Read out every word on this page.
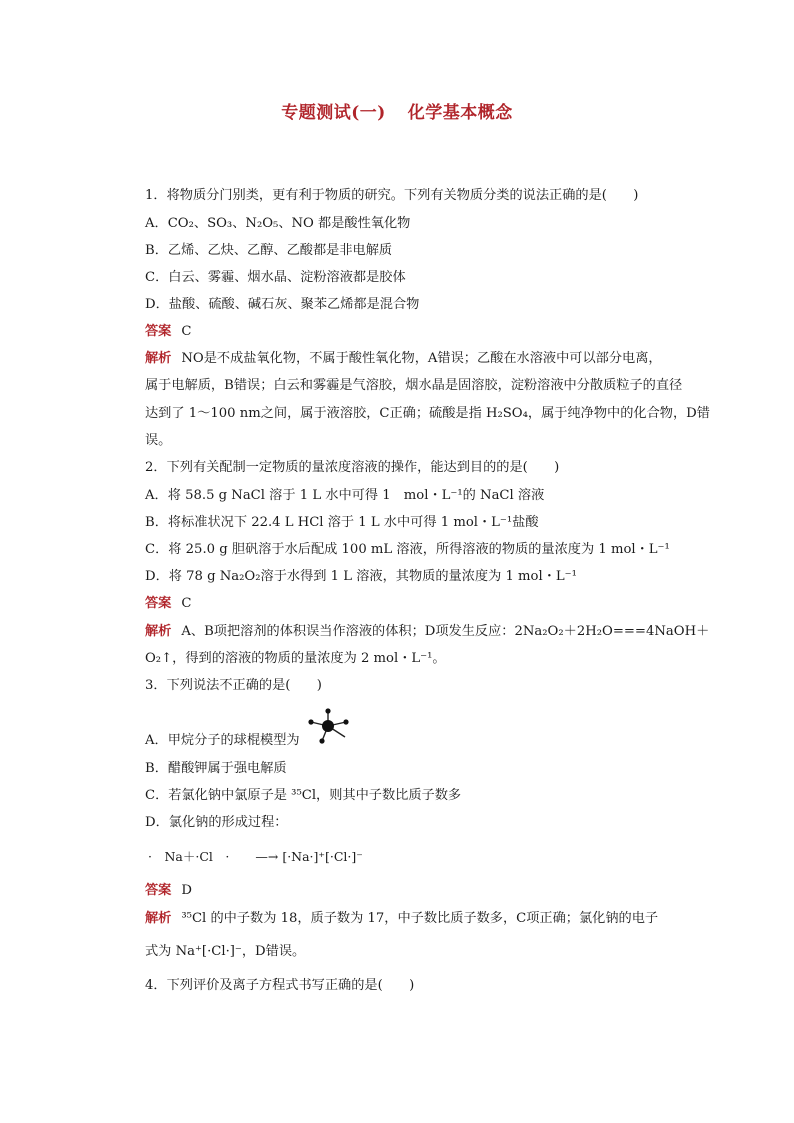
专题测试(一) 化学基本概念
1．将物质分门别类，更有利于物质的研究。下列有关物质分类的说法正确的是(　　)
A．CO₂、SO₃、N₂O₅、NO 都是酸性氧化物
B．乙烯、乙炔、乙醇、乙酸都是非电解质
C．白云、雾霾、烟水晶、淀粉溶液都是胶体
D．盐酸、硫酸、碱石灰、聚苯乙烯都是混合物
答案 C
解析 NO是不成盐氧化物，不属于酸性氧化物，A错误；乙酸在水溶液中可以部分电离，
属于电解质，B错误；白云和雾霾是气溶胶，烟水晶是固溶胶，淀粉溶液中分散质粒子的直径
达到了 1～100 nm之间，属于液溶胶，C正确；硫酸是指 H₂SO₄，属于纯净物中的化合物，D错
误。
2．下列有关配制一定物质的量浓度溶液的操作，能达到目的的是(　　)
A．将 58.5 g NaCl 溶于 1 L 水中可得 1　mol・L⁻¹的 NaCl 溶液
B．将标准状况下 22.4 L HCl 溶于 1 L 水中可得 1 mol・L⁻¹盐酸
C．将 25.0 g 胆矾溶于水后配成 100 mL 溶液，所得溶液的物质的量浓度为 1 mol・L⁻¹
D．将 78 g Na₂O₂溶于水得到 1 L 溶液，其物质的量浓度为 1 mol・L⁻¹
答案 C
解析 A、B项把溶剂的体积误当作溶液的体积；D项发生反应：2Na₂O₂＋2H₂O===4NaOH＋
O₂↑，得到的溶液的物质的量浓度为 2 mol・L⁻¹。
3．下列说法不正确的是(　　)
A．甲烷分子的球棍模型为
B．醋酸钾属于强电解质
C．若氯化钠中氯原子是 ³⁵Cl，则其中子数比质子数多
D．氯化钠的形成过程：
·　Na＋·Cl　· —→ [·Na·]⁺[·Cl·]⁻
答案 D
解析 ³⁵Cl 的中子数为 18，质子数为 17，中子数比质子数多，C项正确；氯化钠的电子
式为 Na⁺[·Cl·]⁻，D错误。
4．下列评价及离子方程式书写正确的是(　　)
